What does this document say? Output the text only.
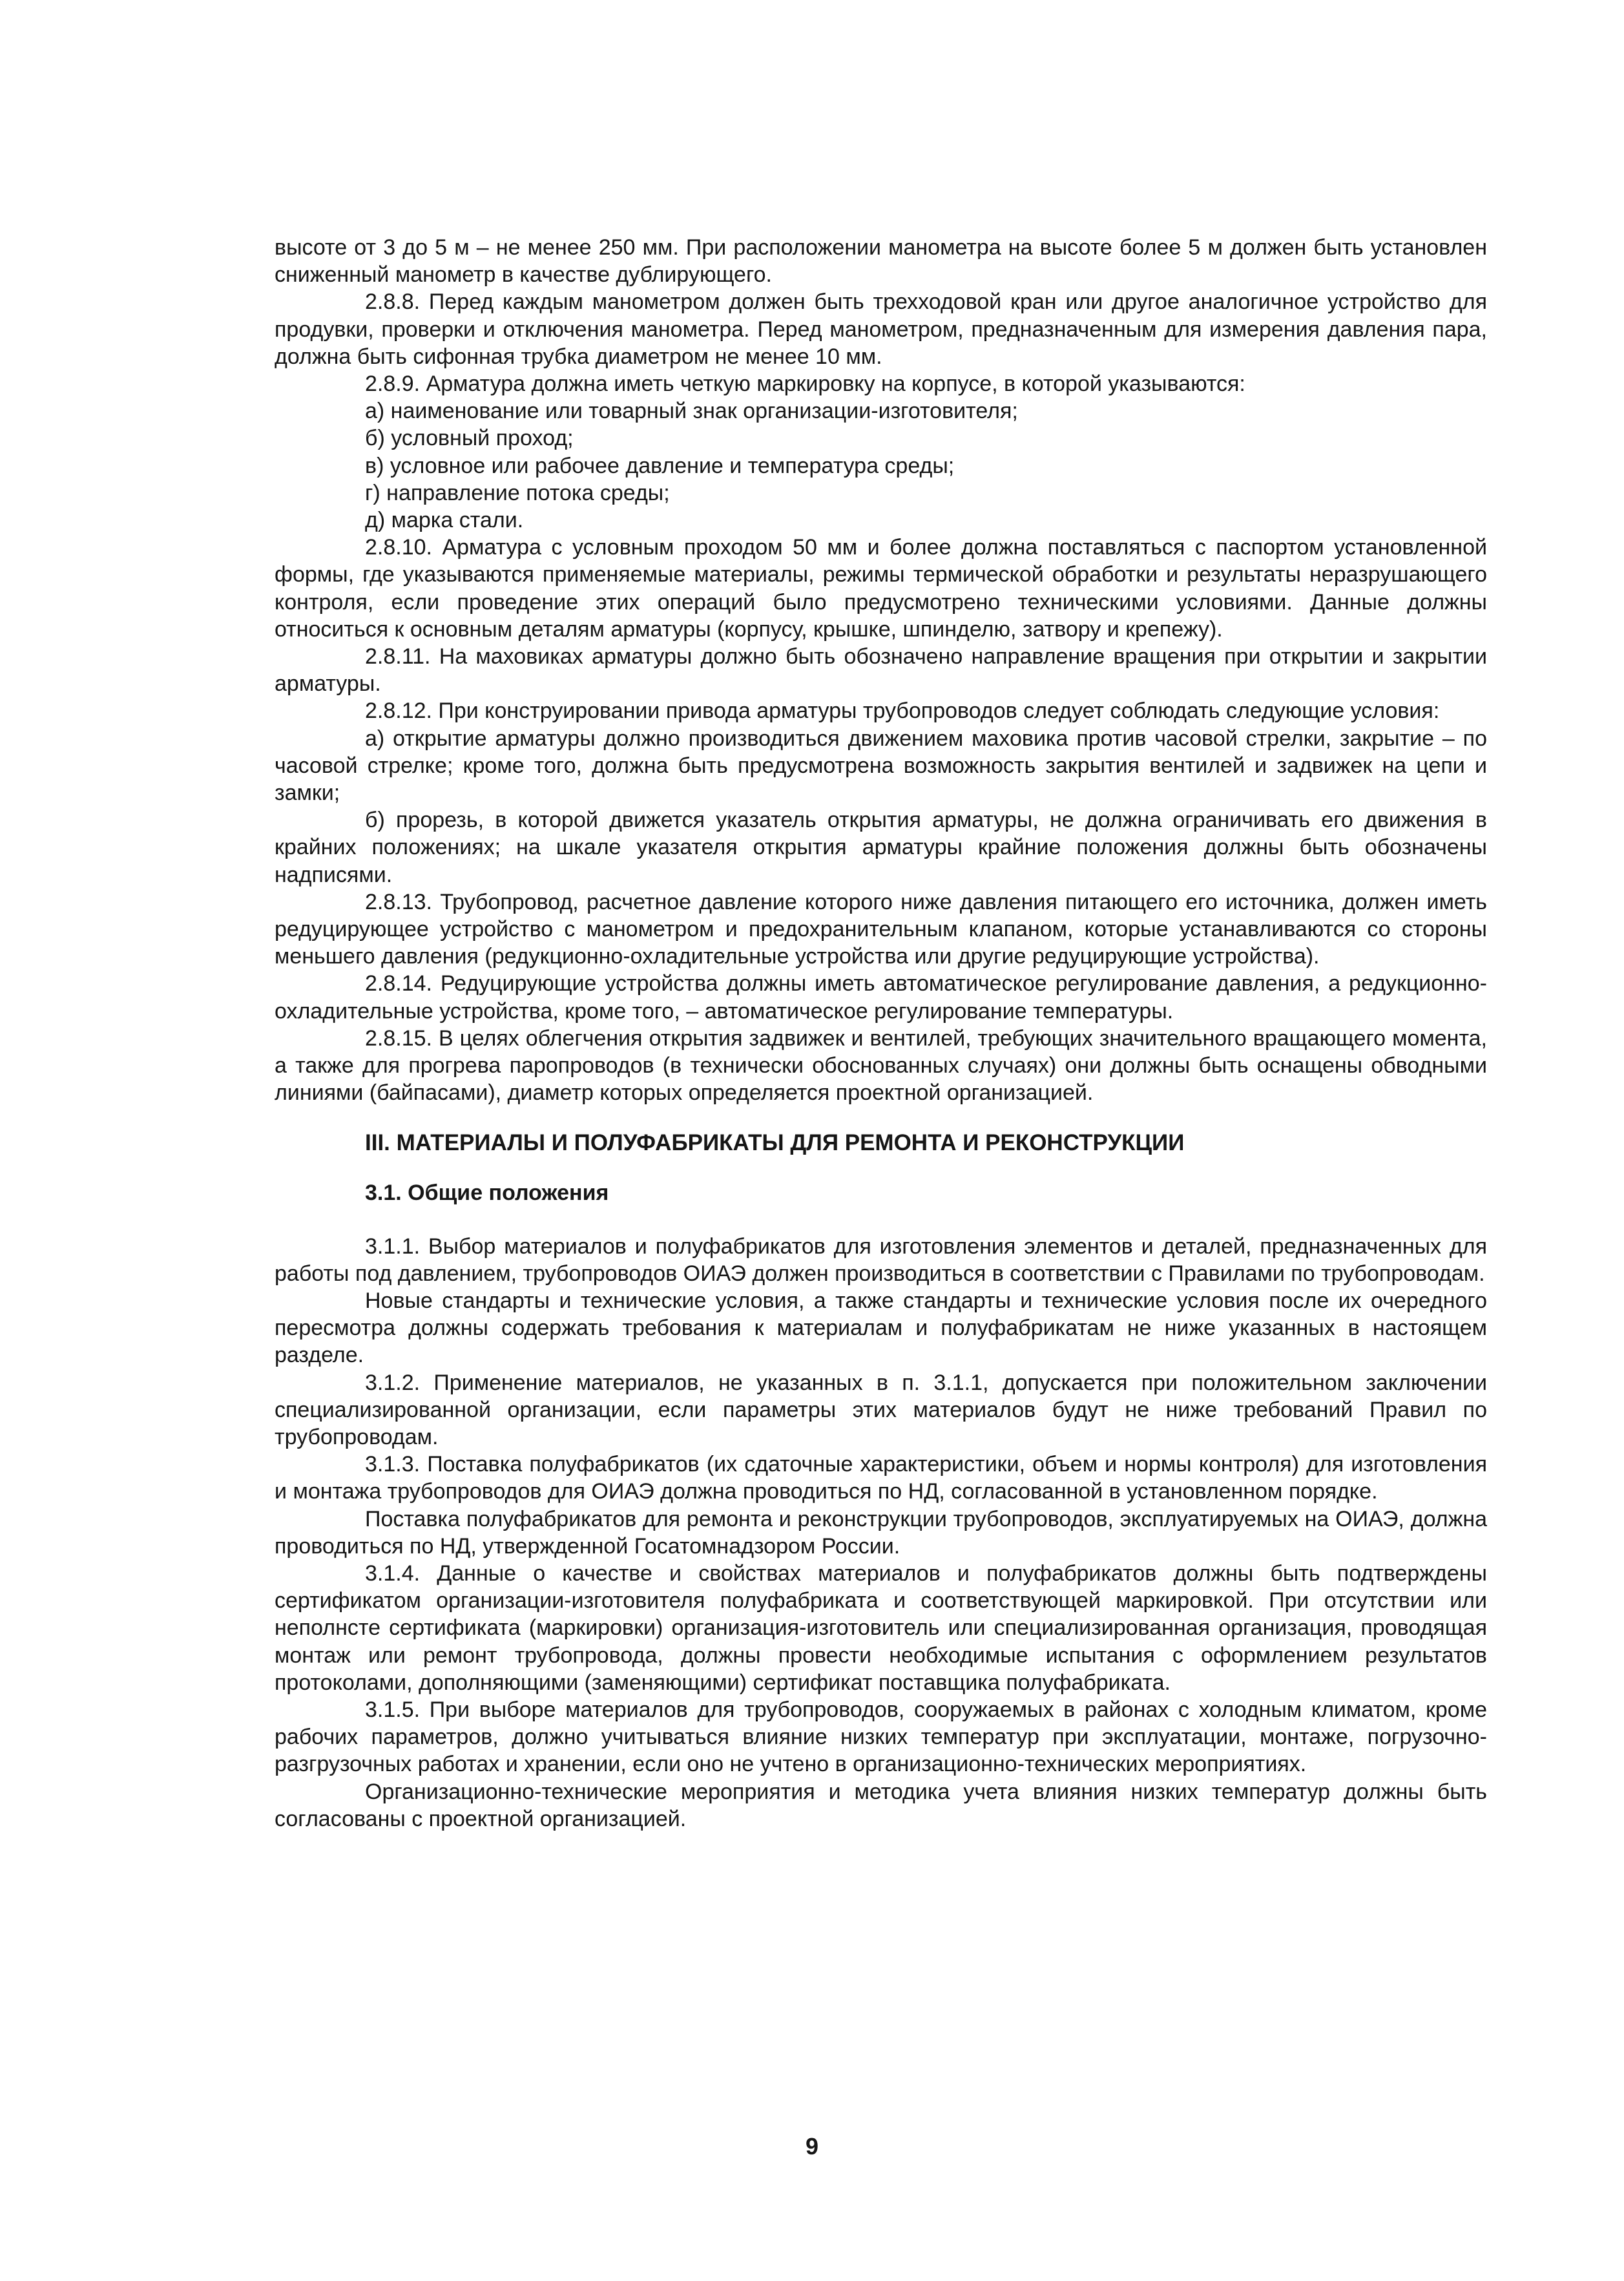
высоте от 3 до 5 м – не менее 250 мм. При расположении манометра на высоте более 5 м должен быть установлен сниженный манометр в качестве дублирующего.

2.8.8. Перед каждым манометром должен быть трехходовой кран или другое аналогичное устройство для продувки, проверки и отключения манометра. Перед манометром, предназначенным для измерения давления пара, должна быть сифонная трубка диаметром не менее 10 мм.

2.8.9. Арматура должна иметь четкую маркировку на корпусе, в которой указываются:

а) наименование или товарный знак организации-изготовителя;

б) условный проход;

в) условное или рабочее давление и температура среды;

г) направление потока среды;

д) марка стали.

2.8.10. Арматура с условным проходом 50 мм и более должна поставляться с паспортом установленной формы, где указываются применяемые материалы, режимы термической обработки и результаты неразрушающего контроля, если проведение этих операций было предусмотрено техническими условиями. Данные должны относиться к основным деталям арматуры (корпусу, крышке, шпинделю, затвору и крепежу).

2.8.11. На маховиках арматуры должно быть обозначено направление вращения при открытии и закрытии арматуры.

2.8.12. При конструировании привода арматуры трубопроводов следует соблюдать следующие условия:

а) открытие арматуры должно производиться движением маховика против часовой стрелки, закрытие – по часовой стрелке; кроме того, должна быть предусмотрена возможность закрытия вентилей и задвижек на цепи и замки;

б) прорезь, в которой движется указатель открытия арматуры, не должна ограничивать его движения в крайних положениях; на шкале указателя открытия арматуры крайние положения должны быть обозначены надписями.

2.8.13. Трубопровод, расчетное давление которого ниже давления питающего его источника, должен иметь редуцирующее устройство с манометром и предохранительным клапаном, которые устанавливаются со стороны меньшего давления (редукционно-охладительные устройства или другие редуцирующие устройства).

2.8.14. Редуцирующие устройства должны иметь автоматическое регулирование давления, а редукционно-охладительные устройства, кроме того, – автоматическое регулирование температуры.

2.8.15. В целях облегчения открытия задвижек и вентилей, требующих значительного вращающего момента, а также для прогрева паропроводов (в технически обоснованных случаях) они должны быть оснащены обводными линиями (байпасами), диаметр которых определяется проектной организацией.

III. МАТЕРИАЛЫ И ПОЛУФАБРИКАТЫ ДЛЯ РЕМОНТА И РЕКОНСТРУКЦИИ
3.1. Общие положения

3.1.1. Выбор материалов и полуфабрикатов для изготовления элементов и деталей, предназначенных для работы под давлением, трубопроводов ОИАЭ должен производиться в соответствии с Правилами по трубопроводам.

Новые стандарты и технические условия, а также стандарты и технические условия после их очередного пересмотра должны содержать требования к материалам и полуфабрикатам не ниже указанных в настоящем разделе.

3.1.2. Применение материалов, не указанных в п. 3.1.1, допускается при положительном заключении специализированной организации, если параметры этих материалов будут не ниже требований Правил по трубопроводам.

3.1.3. Поставка полуфабрикатов (их сдаточные характеристики, объем и нормы контроля) для изготовления и монтажа трубопроводов для ОИАЭ должна проводиться по НД, согласованной в установленном порядке.

Поставка полуфабрикатов для ремонта и реконструкции трубопроводов, эксплуатируемых на ОИАЭ, должна проводиться по НД, утвержденной Госатомнадзором России.

3.1.4. Данные о качестве и свойствах материалов и полуфабрикатов должны быть подтверждены сертификатом организации-изготовителя полуфабриката и соответствующей маркировкой. При отсутствии или неполнсте сертификата (маркировки) организация-изготовитель или специализированная организация, проводящая монтаж или ремонт трубопровода, должны провести необходимые испытания с оформлением результатов протоколами, дополняющими (заменяющими) сертификат поставщика полуфабриката.

3.1.5. При выборе материалов для трубопроводов, сооружаемых в районах с холодным климатом, кроме рабочих параметров, должно учитываться влияние низких температур при эксплуатации, монтаже, погрузочно-разгрузочных работах и хранении, если оно не учтено в организационно-технических мероприятиях.

Организационно-технические мероприятия и методика учета влияния низких температур должны быть согласованы с проектной организацией.

9
